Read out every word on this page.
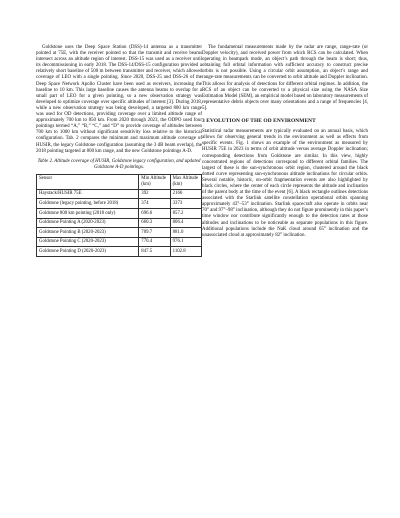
Goldstone uses the Deep Space Station (DSS)-14 antenna as a transmitter pointed at 75E, with the receiver pointed so that the transmit and receive beams intersect across an altitude region of interest. DSS-15 was used as a receiver until its decommissioning in early 2018. The DSS-14/DSS-15 configuration provided a relatively short baseline of 500 m between transmitter and receiver, which allowed coverage of LEO with a single pointing. Since 2020, DSS-25 and DSS-26 of the Deep Space Network Apollo Cluster have been used as receivers, increasing the baseline to 10 km. This large baseline causes the antenna beams to overlap for a small part of LEO for a given pointing, so a new observation strategy was developed to optimize coverage over specific altitudes of interest [3]. During 2018, while a new observation strategy was being developed, a targeted 800 km range was used for OD detections, providing coverage over a limited altitude range of approximately 700 km to 850 km. From 2020 through 2023, the ODPO used four pointings termed “A,” “B,” “C,” and “D” to provide coverage of altitudes between 700 km to 1000 km without significant sensitivity loss relative to the historical configuration. Tab. 2 compares the minimum and maximum altitude coverage of HUSIR, the legacy Goldstone configuration (assuming the 3 dB beam overlap), the 2018 pointing targeted at 800 km range, and the new Goldstone pointings A-D.

Table 2. Altitude coverage of HUSIR, Goldstone legacy configuration, and updated Goldstone A-D pointings.

Sensor	Min Altitude (km)	Max Altitude (km)
Haystack/HUSIR 75E	392	2166
Goldstone (legacy pointing, before 2018)	374	3373
Goldstone 800 km pointing (2018 only)	696.6	857.2
Goldstone Pointing A (2020-2023)	660.3	806.4
Goldstone Pointing B (2020-2023)	709.7	881.0
Goldstone Pointing C (2020-2023)	770.4	976.1
Goldstone Pointing D (2020-2023)	847.5	1102.8

The fundamental measurements made by the radar are range, range-rate (or Doppler velocity), and received power from which RCS can be calculated. When operating in beampark mode, an object’s path through the beam is short; thus, obtaining full orbital information with sufficient accuracy to construct precise orbits is not possible. Using a circular orbit assumption, an object’s range and range-rate measurements can be converted to orbit altitude and Doppler inclination. This allows for analysis of detections for different orbital regimes. In addition, the RCS of an object can be converted to a physical size using the NASA Size Estimation Model (SEM), an empirical model based on laboratory measurements of representative debris objects over many orientations and a range of frequencies [4, 5].

3 EVOLUTION OF THE OD ENVIRONMENT

Statistical radar measurements are typically evaluated on an annual basis, which allows for observing general trends in the environment as well as effects from specific events. Fig. 1 shows an example of the environment as measured by HUSIR 75E in 2023 in terms of orbit altitude versus average Doppler inclination; corresponding detections from Goldstone are similar. In this view, highly concentrated regions of detections correspond to different orbital families. The largest of these is the sun-synchronous orbit region, clustered around the black dotted curve representing sun-synchronous altitude inclinations for circular orbits. Several notable, historic, on-orbit fragmentation events are also highlighted by black circles, where the center of each circle represents the altitude and inclination of the parent body at the time of the event [6]. A black rectangle outlines detections associated with the Starlink satellite constellation operational orbits spanning approximately 43°–53° inclination. Starlink spacecraft also operate in orbits near 70° and 97°–98° inclination, although they do not figure prominently in this paper’s time window nor contribute significantly enough to the detection rates at those altitudes and inclinations to be noticeable as separate populations in this figure. Additional populations include the NaK cloud around 65° inclination and the unassociated cloud at approximately 82° inclination.
